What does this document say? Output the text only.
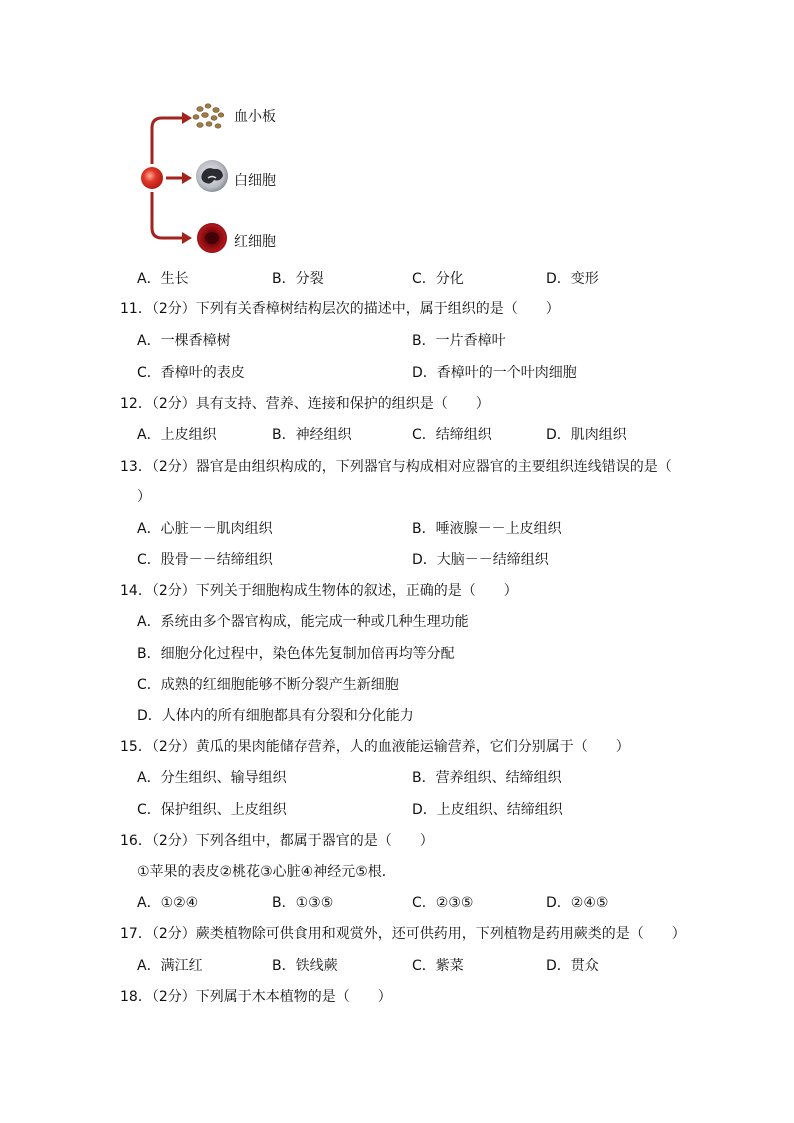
血小板
白细胞
红细胞
A．生长	B．分裂	C．分化	D．变形
11．（2分）下列有关香樟树结构层次的描述中，属于组织的是（　　）
A．一棵香樟树	B．一片香樟叶
C．香樟叶的表皮	D．香樟叶的一个叶肉细胞
12．（2分）具有支持、营养、连接和保护的组织是（　　）
A．上皮组织	B．神经组织	C．结缔组织	D．肌肉组织
13．（2分）器官是由组织构成的，下列器官与构成相对应器官的主要组织连线错误的是（
）
A．心脏－－肌肉组织	B．唾液腺－－上皮组织
C．股骨－－结缔组织	D．大脑－－结缔组织
14．（2分）下列关于细胞构成生物体的叙述，正确的是（　　）
A．系统由多个器官构成，能完成一种或几种生理功能
B．细胞分化过程中，染色体先复制加倍再均等分配
C．成熟的红细胞能够不断分裂产生新细胞
D．人体内的所有细胞都具有分裂和分化能力
15．（2分）黄瓜的果肉能储存营养，人的血液能运输营养，它们分别属于（　　）
A．分生组织、输导组织	B．营养组织、结缔组织
C．保护组织、上皮组织	D．上皮组织、结缔组织
16．（2分）下列各组中，都属于器官的是（　　）
①苹果的表皮②桃花③心脏④神经元⑤根．
A．①②④	B．①③⑤	C．②③⑤	D．②④⑤
17．（2分）蕨类植物除可供食用和观赏外，还可供药用，下列植物是药用蕨类的是（　　）
A．满江红	B．铁线蕨	C．紫菜	D．贯众
18．（2分）下列属于木本植物的是（　　）
